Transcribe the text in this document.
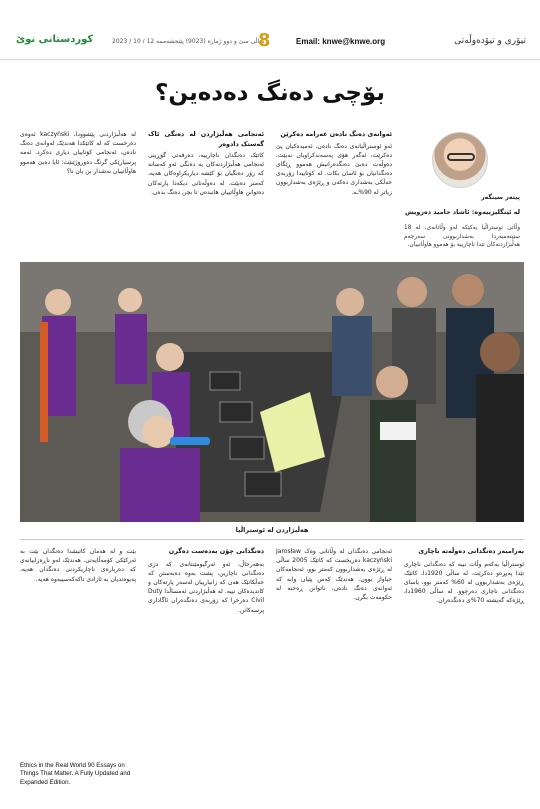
کوردستانی نوێ	ساڵی سێ و دوو ژمارە (9023) پێنجشەممە 12 / 10 / 2023
8	Email: knwe@knwe.org	تیۆری و تیۆدەوڵەتی
بۆچی دەنگ دەدەین؟
پیتەر سینگەر
لە ئینگلیزییەوە: ئاشاد حامید دەرویش
وڵاتی ئوستراڵیا یەکێکە لەو وڵاتانەی، لە 18 سێپتەمبەردا بەشداربوونی سەرجەم هەڵبژاردنەکان تێدا ناچارییە بۆ هەموو هاوڵاتییان.
ئەوانەی دەنگ نادەن غەرامە دەکرێن

ئەو ئوستراڵیانەی دەنگ نادەن، ئەمیدەکیان پێ دەکرێت، ئەگەر هۆی پەسەندکراویان نەبێت. دەوڵەت دەبێ دەنگدەرانیش هەموو ڕێگای دەنگدانیان بۆ ئاسان بکات. لە کۆتاییدا زۆربەی خەڵکی بەشداری دەکەن و ڕێژەی بەشداربوون زیاتر لە 90%ـە.

ئەنجامی هەڵبژاردن لە دەنگی ئاک گەستک دادوەر

کاتێک دەنگدان ناچارییە، دەرفەتی گۆڕینی ئەنجامی هەڵبژاردنەکان بە دەنگی ئەو کەسانە کە زۆر دەنگیان بۆ کێشە دیاریکراوەکان هەیە، کەمتر دەبێت. لە دەوڵەتانی دیکەدا پارتەکان دەتوانن هاوڵاتییان هانبدەن تا بچن دەنگ بدەن.

لە هەڵبژاردنی پێشوودا، kaczyński ئەوەی دەرخست کە لە کاتێکدا هەندێک لەوانەی دەنگ نادەن، ئەنجامی کۆتاییان دیاری دەکرد. ئەمە پرسیارێکی گرنگ دەوروژێنێت: ئایا دەبێ هەموو هاوڵاتییان بەشدار بن یان نا؟

هەڵبژاردن لە ئوستراڵیا
بەرامبەر دەنگدانی دەوڵەتە ناچاری

ئوستراڵیا یەکەم وڵات نییە کە دەنگدانی ناچاری تێدا پەیڕەو دەکرێت. لە ساڵی 1920دا، کاتێک ڕێژەی بەشداربوون لە 60% کەمتر بوو، یاسای دەنگدانی ناچاری دەرچوو. لە ساڵی 1960دا، ڕێژەکە گەیشتە 70%ی دەنگدەران.

ئەنجامی دەنگدان لە وڵاتانی وەک Jarosław kaczyński دەریخست کە کاتێک 2005 ساڵی لە ڕێژەی بەشداربوون کەمتر بوو، ئەنجامەکان جیاواز بوون. هەندێک کەس پێیان وایە کە ئەوانەی دەنگ نادەن، ناتوانن ڕەخنە لە حکومەت بگرن.

دەنگدانی چۆن بەدەست دەگرن

بەهەرحاڵ، ئەو ئەرگیومێنتانەی کە دژی دەنگدانی ناچارین، پشت بەوە دەبەستن کە خەڵکانێک هەن کە زانیارییان لەسەر پارتەکان و کاندیدەکان نییە. لە هەڵبژاردنی ئەمساڵدا Duty Civil دەرخرا کە زۆربەی دەنگدەران ئاگاداری پرسەکانن.

بێت و لە هەمان کاتیشدا دەنگدان بێت بە ئەرکێکی کۆمەڵایەتی. هەندێک لەو ناڕەزاییانەی کە دەربارەی ناچاریکردنی دەنگدان هەیە، پەیوەندیان بە ئازادی تاکەکەسییەوە هەیە.

Ethics in the Real World 90 Essays on Things That Matter. A Fully Updated and Expanded Edition.
